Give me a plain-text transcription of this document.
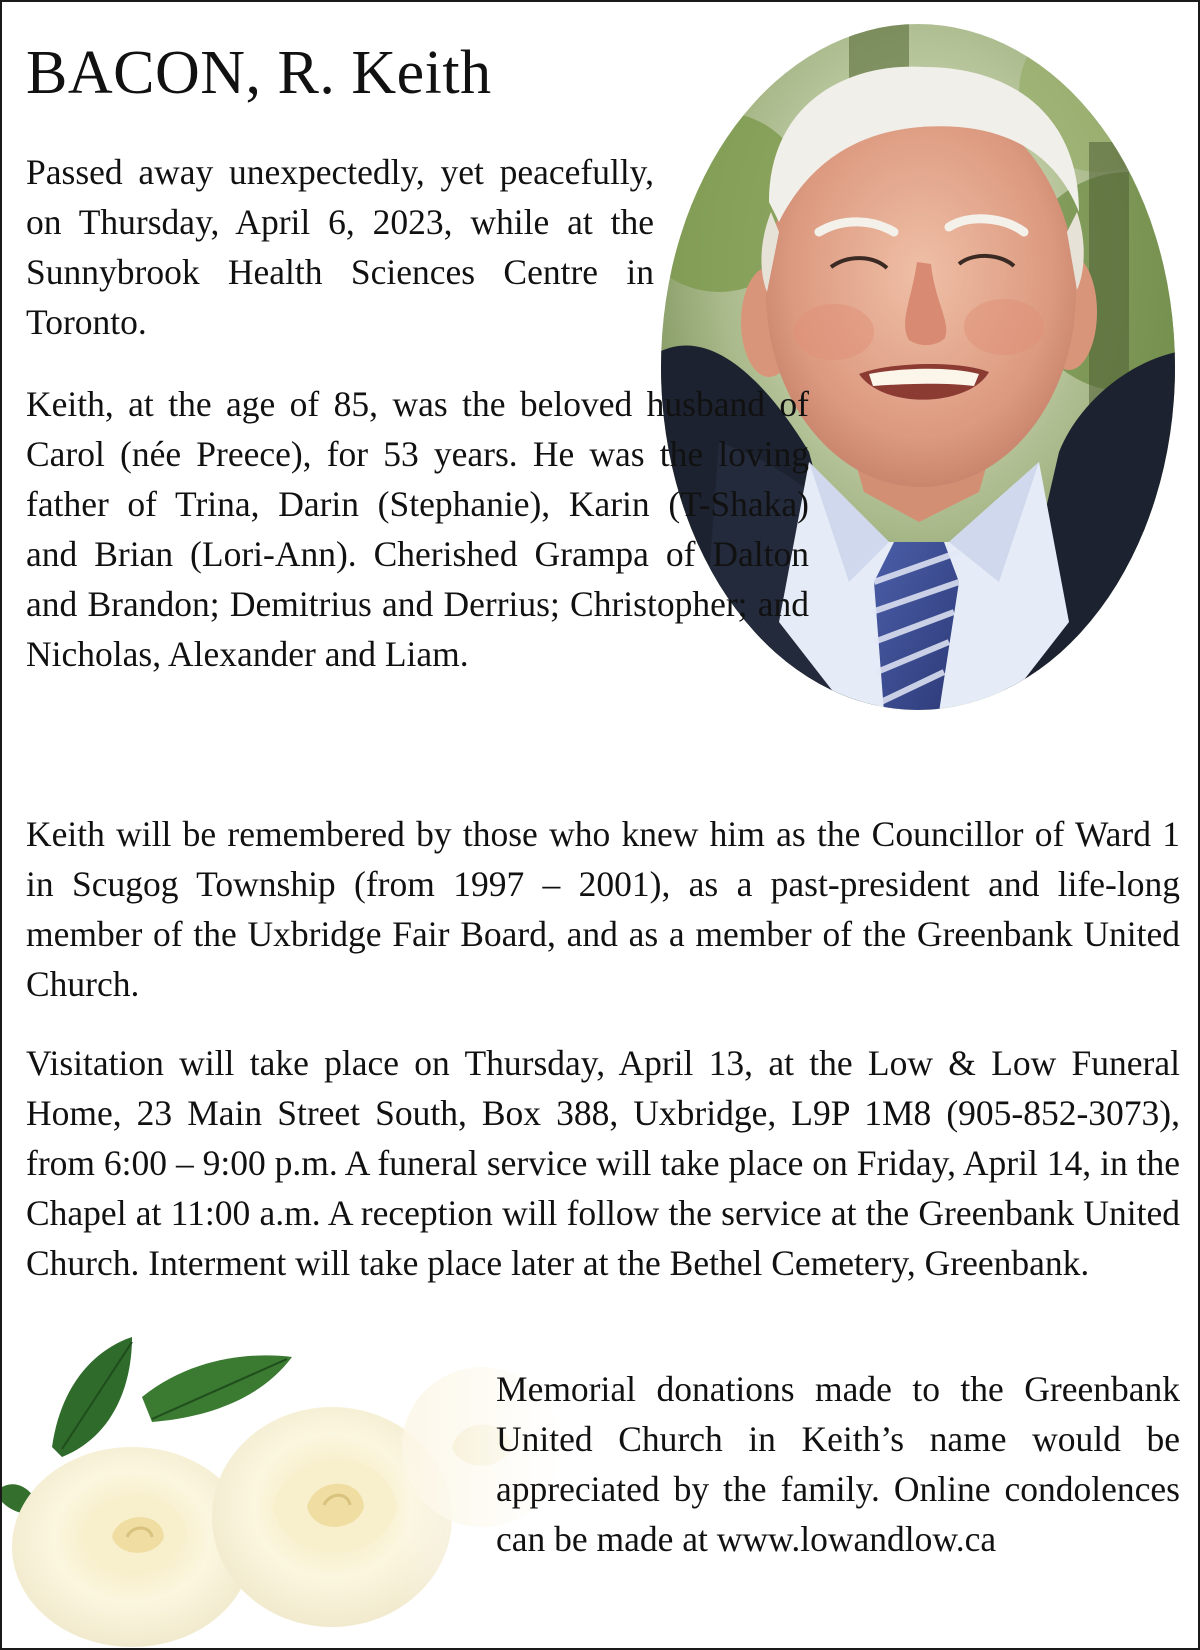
BACON, R. Keith

Passed away unexpectedly, yet peacefully, on Thursday, April 6, 2023, while at the Sunnybrook Health Sciences Centre in Toronto.

Keith, at the age of 85, was the beloved husband of Carol (née Preece), for 53 years. He was the loving father of Trina, Darin (Stephanie), Karin (T-Shaka) and Brian (Lori-Ann). Cherished Grampa of Dalton and Brandon; Demitrius and Derrius; Christopher; and Nicholas, Alexander and Liam.

Keith will be remembered by those who knew him as the Councillor of Ward 1 in Scugog Township (from 1997 – 2001), as a past-president and life-long member of the Uxbridge Fair Board, and as a member of the Greenbank United Church.

Visitation will take place on Thursday, April 13, at the Low & Low Funeral Home, 23 Main Street South, Box 388, Uxbridge, L9P 1M8 (905-852-3073), from 6:00 – 9:00 p.m. A funeral service will take place on Friday, April 14, in the Chapel at 11:00 a.m. A reception will follow the service at the Greenbank United Church. Interment will take place later at the Bethel Cemetery, Greenbank.

Memorial donations made to the Greenbank United Church in Keith’s name would be appreciated by the family. Online condolences can be made at www.lowandlow.ca
